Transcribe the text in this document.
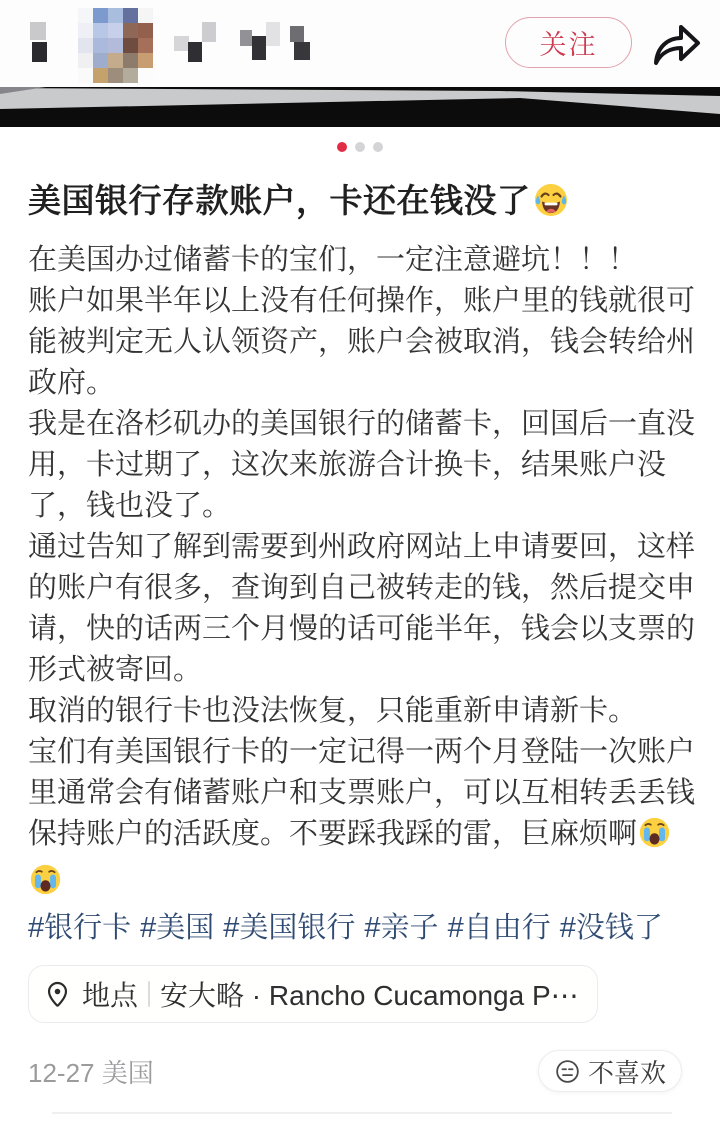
关注
美国银行存款账户，卡还在钱没了

在美国办过储蓄卡的宝们，一定注意避坑！！！

账户如果半年以上没有任何操作，账户里的钱就很可能被判定无人认领资产，账户会被取消，钱会转给州政府。

我是在洛杉矶办的美国银行的储蓄卡，回国后一直没用，卡过期了，这次来旅游合计换卡，结果账户没了，钱也没了。

通过告知了解到需要到州政府网站上申请要回，这样的账户有很多，查询到自己被转走的钱，然后提交申请，快的话两三个月慢的话可能半年，钱会以支票的形式被寄回。

取消的银行卡也没法恢复，只能重新申请新卡。

宝们有美国银行卡的一定记得一两个月登陆一次账户里通常会有储蓄账户和支票账户，可以互相转丢丢钱保持账户的活跃度。不要踩我踩的雷，巨麻烦啊

#银行卡 #美国 #美国银行 #亲子 #自由行 #没钱了

地点 安大略 · Rancho Cucamonga P⋯
12-27 美国	不喜欢
